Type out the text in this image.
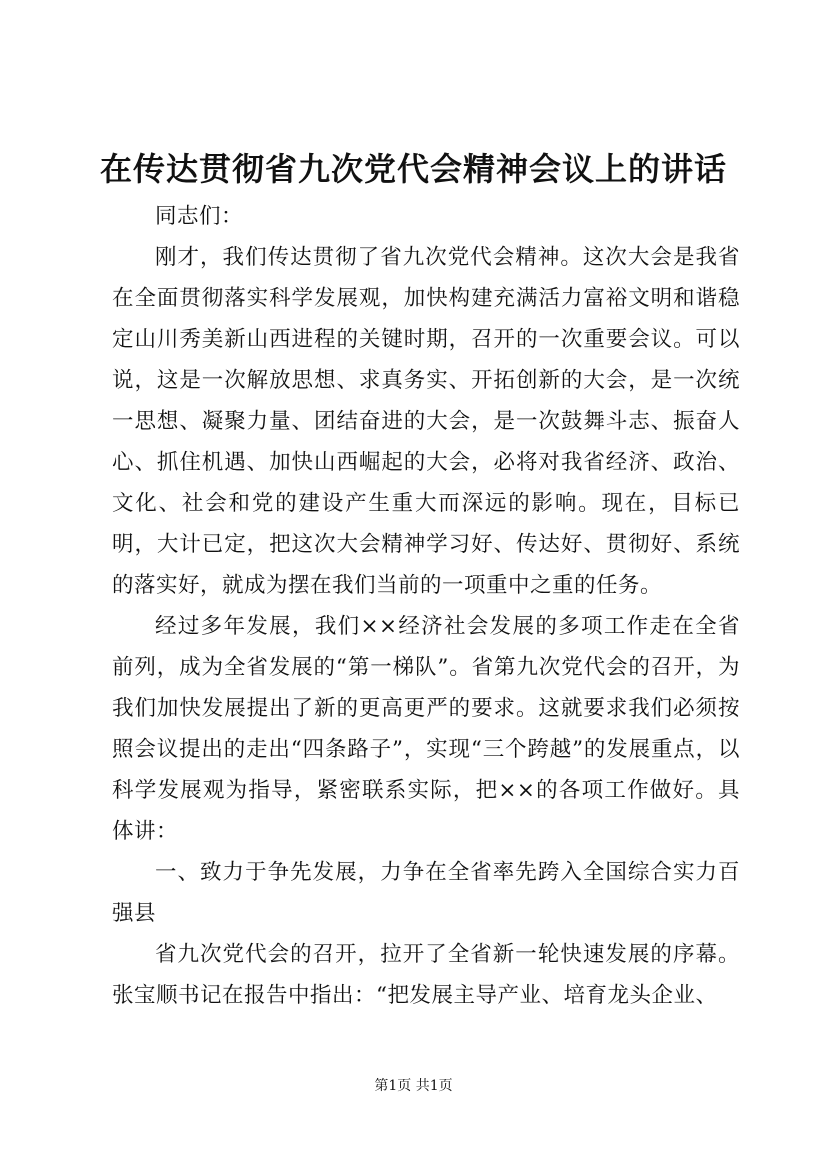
在传达贯彻省九次党代会精神会议上的讲话

同志们：

刚才，我们传达贯彻了省九次党代会精神。这次大会是我省在全面贯彻落实科学发展观，加快构建充满活力富裕文明和谐稳定山川秀美新山西进程的关键时期，召开的一次重要会议。可以说，这是一次解放思想、求真务实、开拓创新的大会，是一次统一思想、凝聚力量、团结奋进的大会，是一次鼓舞斗志、振奋人心、抓住机遇、加快山西崛起的大会，必将对我省经济、政治、文化、社会和党的建设产生重大而深远的影响。现在，目标已明，大计已定，把这次大会精神学习好、传达好、贯彻好、系统的落实好，就成为摆在我们当前的一项重中之重的任务。

经过多年发展，我们××经济社会发展的多项工作走在全省前列，成为全省发展的“第一梯队”。省第九次党代会的召开，为我们加快发展提出了新的更高更严的要求。这就要求我们必须按照会议提出的走出“四条路子”，实现“三个跨越”的发展重点，以科学发展观为指导，紧密联系实际，把××的各项工作做好。具体讲：

一、致力于争先发展，力争在全省率先跨入全国综合实力百强县

省九次党代会的召开，拉开了全省新一轮快速发展的序幕。张宝顺书记在报告中指出：“把发展主导产业、培育龙头企业、

第1页 共1页
